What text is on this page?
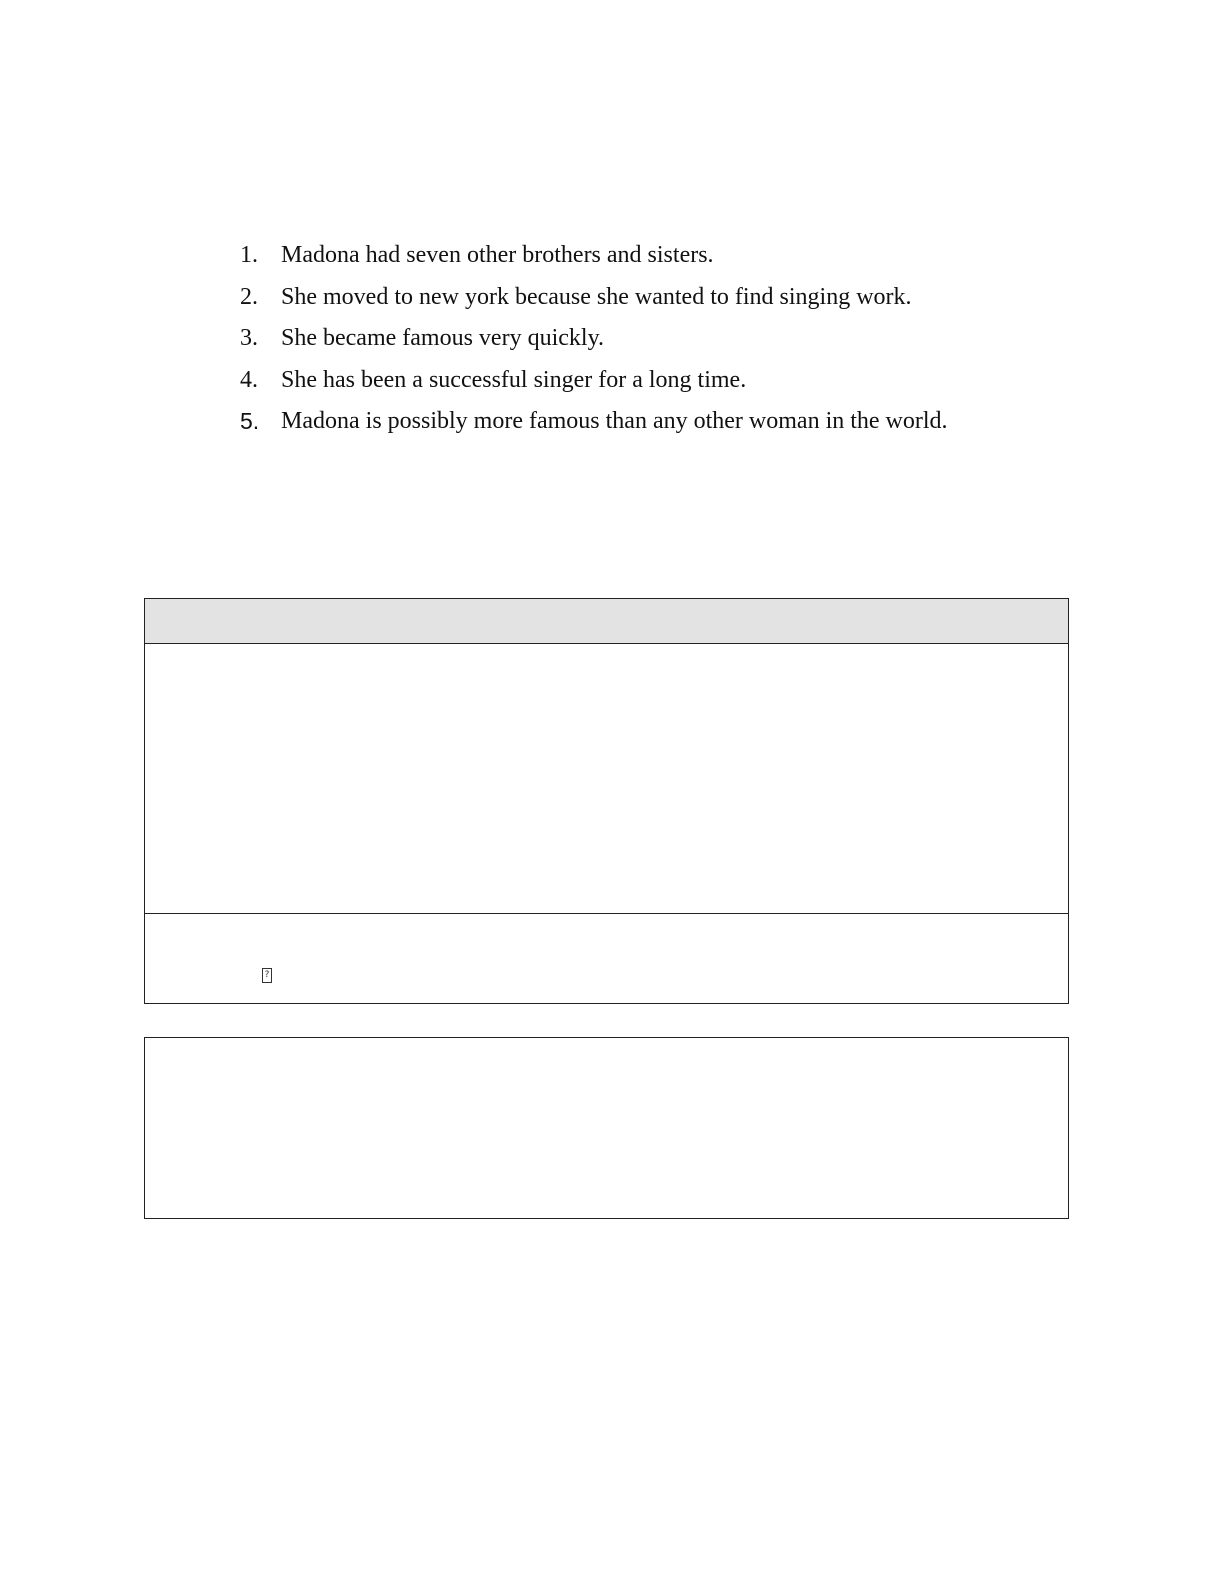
1. Madona had seven other brothers and sisters.
2. She moved to new york because she wanted to find singing work.
3. She became famous very quickly.
4. She has been a successful singer for a long time.
5. Madona is possibly more famous than any other woman in the world.
?
